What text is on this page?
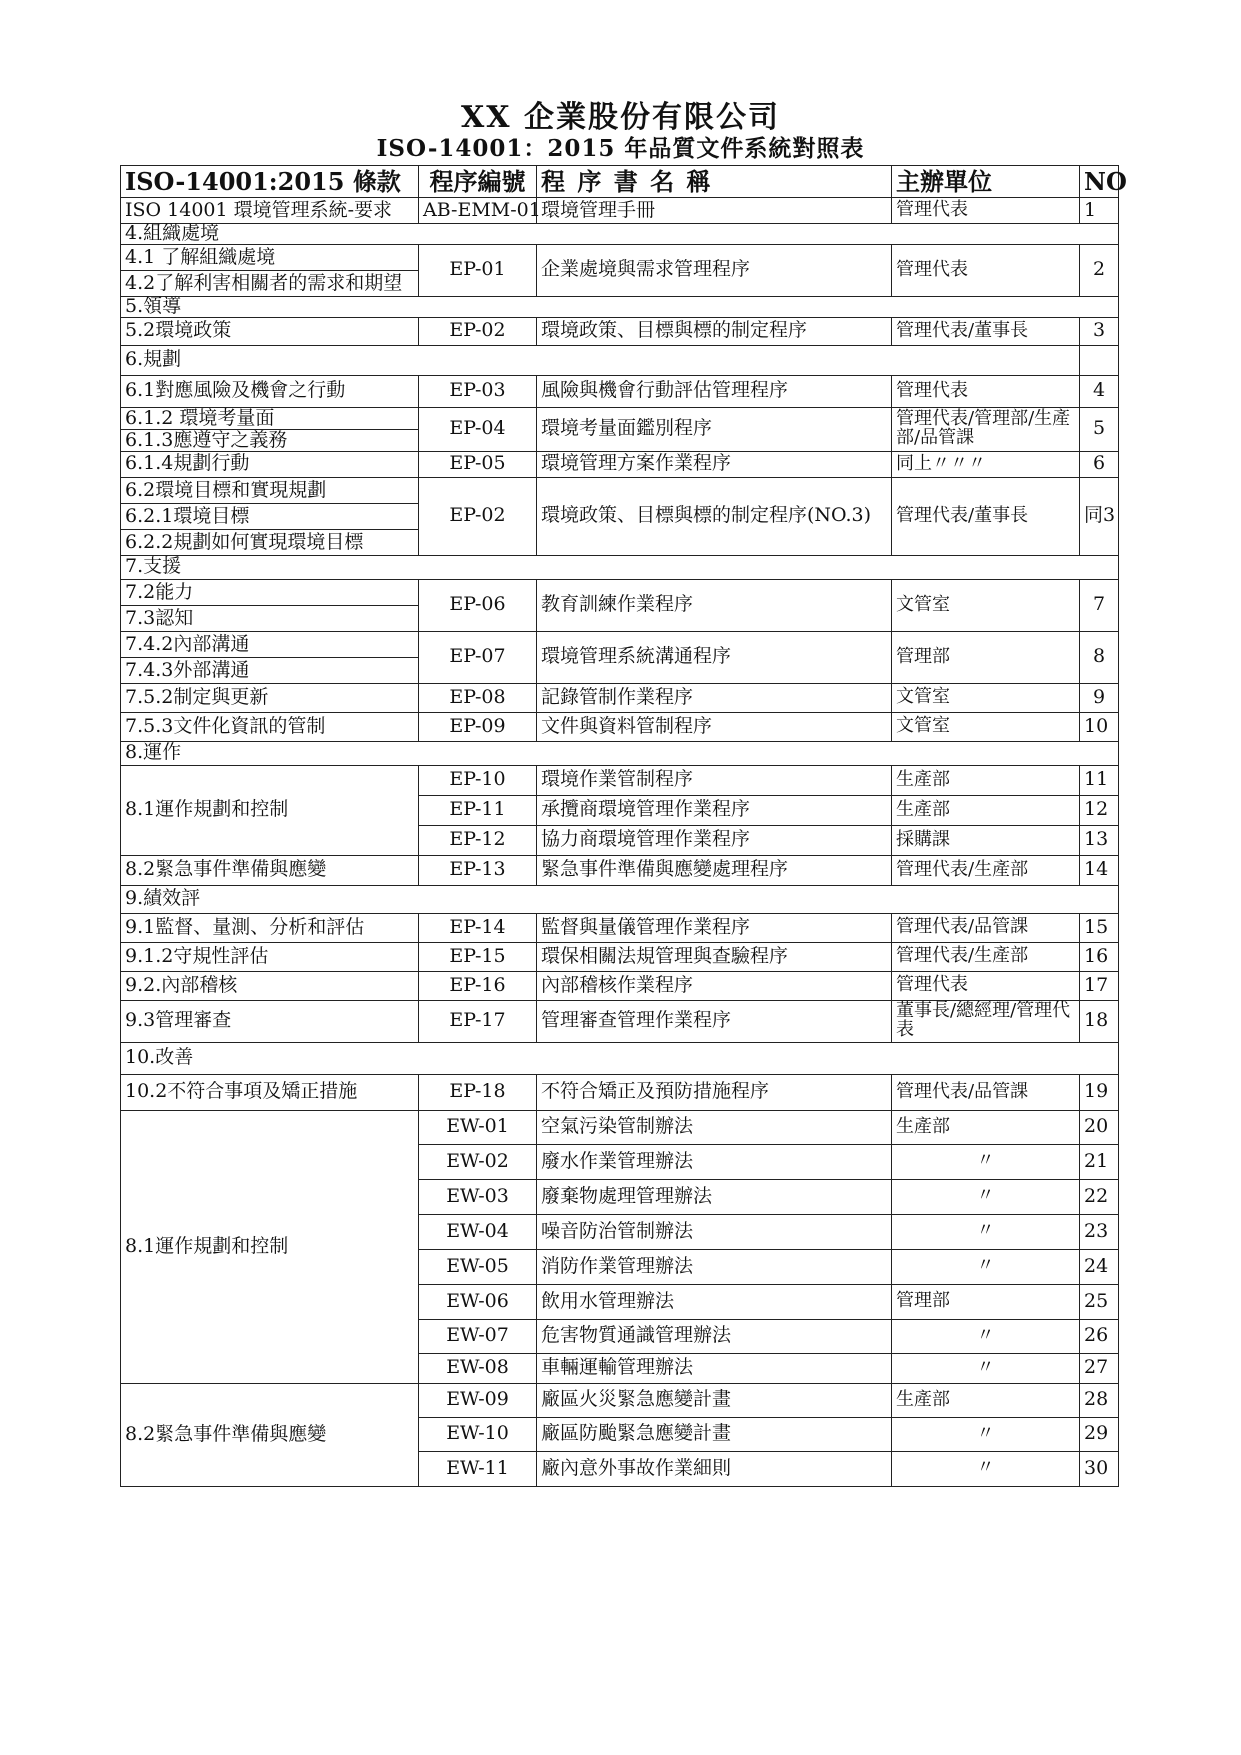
XX 企業股份有限公司
ISO-14001：2015 年品質文件系統對照表
ISO-14001:2015 條款	程序編號	程 序 書 名 稱	主辦單位	NO
ISO 14001 環境管理系統-要求	AB-EMM-01	環境管理手冊	管理代表	1
4.組織處境				

4.1 了解組織處境
4.2了解利害相關者的需求和期望	EP-01	企業處境與需求管理程序	管理代表	2
5.領導				
5.2環境政策	EP-02	環境政策、目標與標的制定程序	管理代表/董事長	3
6.規劃				
6.1對應風險及機會之行動	EP-03	風險與機會行動評估管理程序	管理代表	4

6.1.2 環境考量面
6.1.3應遵守之義務	EP-04	環境考量面鑑別程序	管理代表/管理部/生產部/品管課	5
6.1.4規劃行動	EP-05	環境管理方案作業程序	同上〃〃〃	6

6.2環境目標和實現規劃
6.2.1環境目標
6.2.2規劃如何實現環境目標	EP-02	環境政策、目標與標的制定程序(NO.3)	管理代表/董事長	同3
7.支援				

7.2能力
7.3認知	EP-06	教育訓練作業程序	文管室	7

7.4.2內部溝通
7.4.3外部溝通	EP-07	環境管理系統溝通程序	管理部	8
7.5.2制定與更新	EP-08	記錄管制作業程序	文管室	9
7.5.3文件化資訊的管制	EP-09	文件與資料管制程序	文管室	10
8.運作				
8.1運作規劃和控制	EP-10	環境作業管制程序	生產部	11
	EP-11	承攬商環境管理作業程序	生產部	12
	EP-12	協力商環境管理作業程序	採購課	13
8.2緊急事件準備與應變	EP-13	緊急事件準備與應變處理程序	管理代表/生產部	14
9.績效評				
9.1監督、量測、分析和評估	EP-14	監督與量儀管理作業程序	管理代表/品管課	15
9.1.2守規性評估	EP-15	環保相關法規管理與查驗程序	管理代表/生產部	16
9.2.內部稽核	EP-16	內部稽核作業程序	管理代表	17
9.3管理審查	EP-17	管理審查管理作業程序	董事長/總經理/管理代表	18
10.改善				
10.2不符合事項及矯正措施	EP-18	不符合矯正及預防措施程序	管理代表/品管課	19
8.1運作規劃和控制	EW-01	空氣污染管制辦法	生產部	20
	EW-02	廢水作業管理辦法	〃	21
	EW-03	廢棄物處理管理辦法	〃	22
	EW-04	噪音防治管制辦法	〃	23
	EW-05	消防作業管理辦法	〃	24
	EW-06	飲用水管理辦法	管理部	25
	EW-07	危害物質通識管理辦法	〃	26
	EW-08	車輛運輸管理辦法	〃	27
8.2緊急事件準備與應變	EW-09	廠區火災緊急應變計畫	生產部	28
	EW-10	廠區防颱緊急應變計畫	〃	29
	EW-11	廠內意外事故作業細則	〃	30
